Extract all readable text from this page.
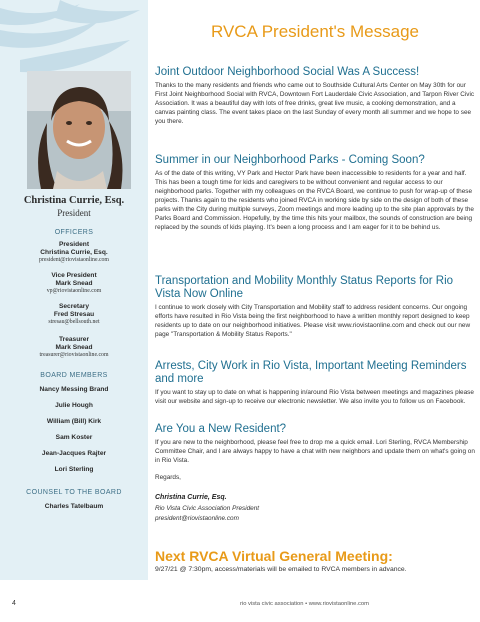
Christina Currie, Esq.
President
OFFICERS
President
Christina Currie, Esq.
president@riovistaonline.com
Vice President
Mark Snead
vp@riovistaonline.com
Secretary
Fred Stresau
stresau@bellsouth.net
Treasurer
Mark Snead
treasurer@riovistaonline.com
BOARD MEMBERS
Nancy Messing Brand
Julie Hough
William (Bill) Kirk
Sam Koster
Jean-Jacques Rajter
Lori Sterling
COUNSEL TO THE BOARD
Charles Tatelbaum
RVCA President's Message
Joint Outdoor Neighborhood Social Was A Success!
Thanks to the many residents and friends who came out to Southside Cultural Arts Center on May 30th for our First Joint Neighborhood Social with RVCA, Downtown Fort Lauderdale Civic Association, and Tarpon River Civic Association. It was a beautiful day with lots of free drinks, great live music, a cooking demonstration, and a canvas painting class. The event takes place on the last Sunday of every month all summer and we hope to see you there.
Summer in our Neighborhood Parks - Coming Soon?
As of the date of this writing, VY Park and Hector Park have been inaccessible to residents for a year and half. This has been a tough time for kids and caregivers to be without convenient and regular access to our neighborhood parks. Together with my colleagues on the RVCA Board, we continue to push for wrap-up of these projects. Thanks again to the residents who joined RVCA in working side by side on the design of both of these parks with the City during multiple surveys, Zoom meetings and more leading up to the site plan approvals by the Parks Board and Commission. Hopefully, by the time this hits your mailbox, the sounds of construction are being replaced by the sounds of kids playing. It's been a long process and I am eager for it to be behind us.
Transportation and Mobility Monthly Status Reports for Rio Vista Now Online
I continue to work closely with City Transportation and Mobility staff to address resident concerns. Our ongoing efforts have resulted in Rio Vista being the first neighborhood to have a written monthly report designed to keep residents up to date on our neighborhood initiatives. Please visit www.riovistaonline.com and check out our new page "Transportation & Mobility Status Reports."
Arrests, City Work in Rio Vista, Important Meeting Reminders and more
If you want to stay up to date on what is happening in/around Rio Vista between meetings and magazines please visit our website and sign-up to receive our electronic newsletter. We also invite you to follow us on Facebook.
Are You a New Resident?
If you are new to the neighborhood, please feel free to drop me a quick email. Lori Sterling, RVCA Membership Committee Chair, and I are always happy to have a chat with new neighbors and update them on what's going on in Rio Vista.
Regards,
Christina Currie, Esq.
Rio Vista Civic Association President
president@riovistaonline.com
Next RVCA Virtual General Meeting:
9/27/21 @ 7:30pm, access/materials will be emailed to RVCA members in advance.
4	rio vista civic association • www.riovistaonline.com
